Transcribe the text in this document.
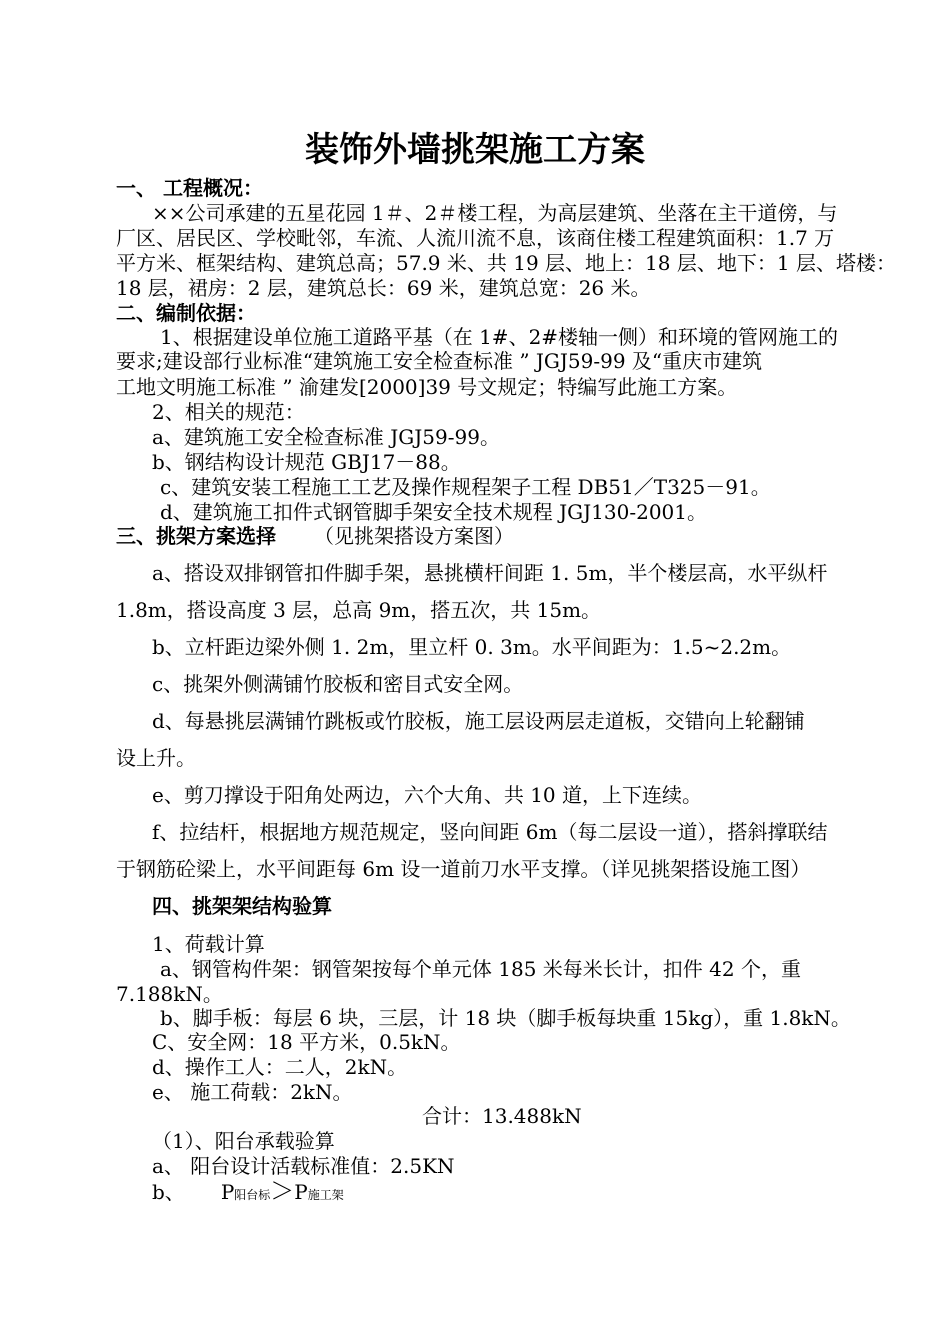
装饰外墙挑架施工方案
一、 工程概况：
××公司承建的五星花园 1＃、2＃楼工程，为高层建筑、坐落在主干道傍，与
厂区、居民区、学校毗邻，车流、人流川流不息，该商住楼工程建筑面积：1.7 万
平方米、框架结构、建筑总高；57.9 米、共 19 层、地上：18 层、地下：1 层、塔楼：
18 层，裙房：2 层，建筑总长：69 米，建筑总宽：26 米。
二、编制依据：
1、根据建设单位施工道路平基（在 1#、2#楼轴一侧）和环境的管网施工的
要求;建设部行业标准“建筑施工安全检查标准 ” JGJ59-99 及“重庆市建筑
工地文明施工标准 ” 渝建发[2000]39 号文规定；特编写此施工方案。
2、相关的规范：
a、建筑施工安全检查标准 JGJ59-99。
b、钢结构设计规范 GBJ17－88。
c、建筑安装工程施工工艺及操作规程架子工程 DB51／T325－91。
d、建筑施工扣件式钢管脚手架安全技术规程 JGJ130-2001。
三、挑架方案选择 （见挑架搭设方案图）
a、搭设双排钢管扣件脚手架，悬挑横杆间距 1. 5m，半个楼层高，水平纵杆
1.8m，搭设高度 3 层，总高 9m，搭五次，共 15m。
b、立杆距边梁外侧 1. 2m，里立杆 0. 3m。水平间距为：1.5~2.2m。
c、挑架外侧满铺竹胶板和密目式安全网。
d、每悬挑层满铺竹跳板或竹胶板，施工层设两层走道板，交错向上轮翻铺
设上升。
e、剪刀撑设于阳角处两边，六个大角、共 10 道，上下连续。
f、拉结杆，根据地方规范规定，竖向间距 6m（每二层设一道），搭斜撑联结
于钢筋砼梁上，水平间距每 6m 设一道前刀水平支撑。（详见挑架搭设施工图）
四、挑架架结构验算
1、荷载计算
a、钢管构件架：钢管架按每个单元体 185 米每米长计，扣件 42 个，重
7.188kN。
b、脚手板：每层 6 块，三层，计 18 块（脚手板每块重 15kg），重 1.8kN。
C、安全网：18 平方米，0.5kN。
d、操作工人：二人，2kN。
e、 施工荷载：2kN。
合计：13.488kN
（1）、阳台承载验算
a、 阳台设计活载标准值：2.5KN
b、 P阳台标＞P施工架
